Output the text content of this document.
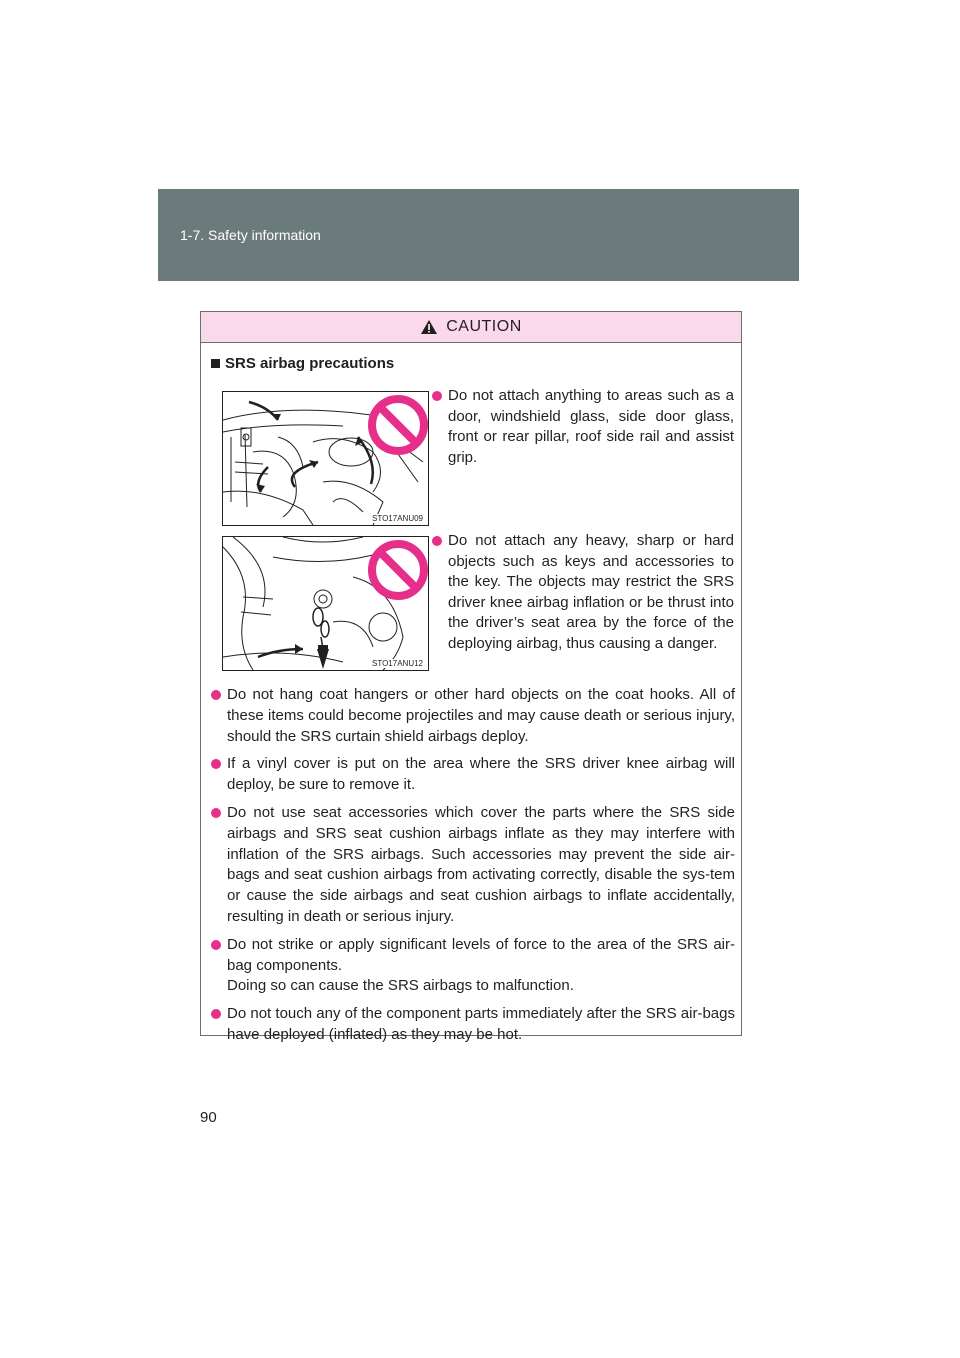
1-7. Safety information
CAUTION
SRS airbag precautions
STO17ANU09
Do not attach anything to areas such as a door, windshield glass, side door glass, front or rear pillar, roof side rail and assist grip.
STO17ANU12
Do not attach any heavy, sharp or hard objects such as keys and accessories to the key. The objects may restrict the SRS driver knee airbag inflation or be thrust into the driver’s seat area by the force of the deploying airbag, thus causing a danger.
Do not hang coat hangers or other hard objects on the coat hooks. All of these items could become projectiles and may cause death or serious injury, should the SRS curtain shield airbags deploy.
If a vinyl cover is put on the area where the SRS driver knee airbag will deploy, be sure to remove it.
Do not use seat accessories which cover the parts where the SRS side airbags and SRS seat cushion airbags inflate as they may interfere with inflation of the SRS airbags. Such accessories may prevent the side air-bags and seat cushion airbags from activating correctly, disable the sys-tem or cause the side airbags and seat cushion airbags to inflate accidentally, resulting in death or serious injury.
Do not strike or apply significant levels of force to the area of the SRS air-bag components.
Doing so can cause the SRS airbags to malfunction.
Do not touch any of the component parts immediately after the SRS air-bags have deployed (inflated) as they may be hot.
90
